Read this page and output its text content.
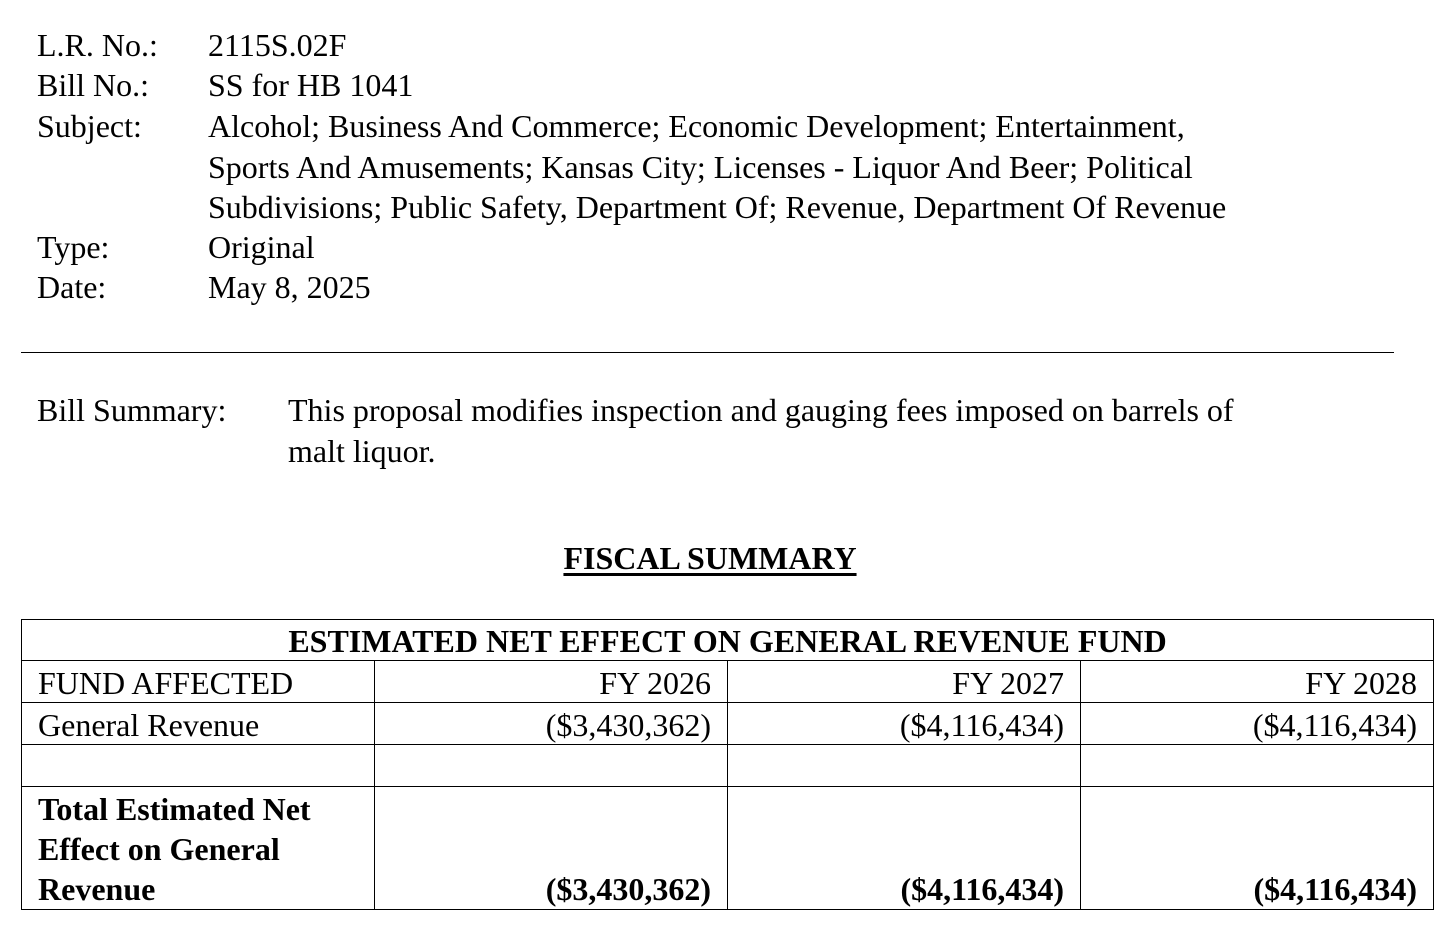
L.R. No.: 2115S.02F
Bill No.: SS for HB 1041
Subject: Alcohol; Business And Commerce; Economic Development; Entertainment,
Sports And Amusements; Kansas City; Licenses - Liquor And Beer; Political
Subdivisions; Public Safety, Department Of; Revenue, Department Of Revenue
Type:	Original
Date:	May 8, 2025
Bill Summary: This proposal modifies inspection and gauging fees imposed on barrels of
malt liquor.
FISCAL SUMMARY
ESTIMATED NET EFFECT ON GENERAL REVENUE FUND			
FUND AFFECTED	FY 2026	FY 2027	FY 2028
General Revenue	($3,430,362)	($4,116,434)	($4,116,434)

Total Estimated Net
Effect on General
Revenue	($3,430,362)	($4,116,434)	($4,116,434)
